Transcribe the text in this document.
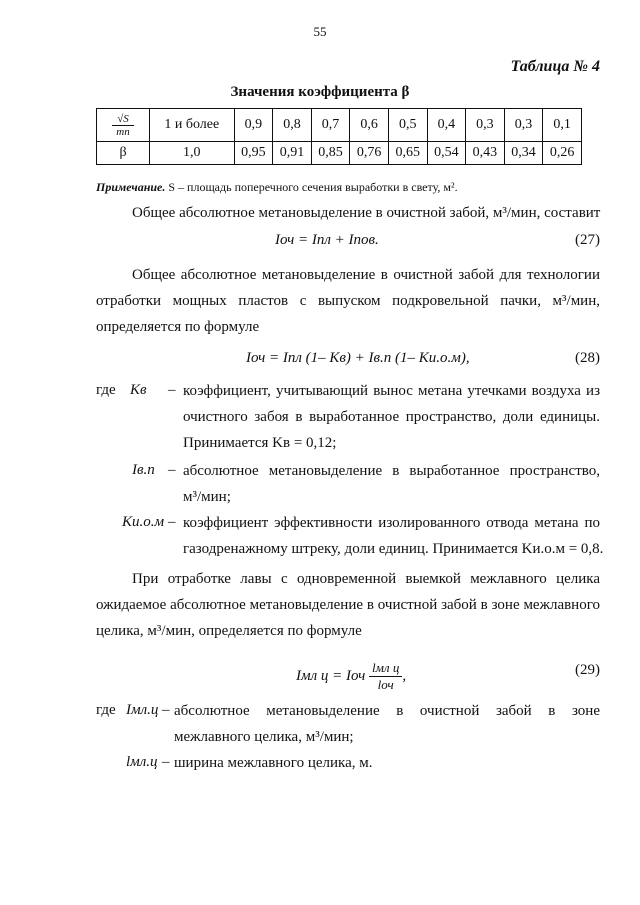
55
Таблица № 4
Значения коэффициента β
$\frac{√S}{mп}$	1 и более	0,9	0,8	0,7	0,6	0,5	0,4	0,3	0,3	0,1
β	1,0	0,95	0,91	0,85	0,76	0,65	0,54	0,43	0,34	0,26
Примечание. S – площадь поперечного сечения выработки в свету, м².
Общее абсолютное метановыделение в очистной забой, м³/мин, составит
Iоч = Iпл + Iпов.	(27)
Общее абсолютное метановыделение в очистной забой для технологии
отработки мощных пластов с выпуском подкровельной пачки, м³/мин,
определяется по формуле
Iоч = Iпл (1– Kв) + Iв.п (1– Kи.о.м),	(28)
где Kв – коэффициент, учитывающий вынос метана утечками воздуха из
очистного забоя в выработанное пространство, доли единицы.
Принимается Kв = 0,12;
Iв.п – абсолютное метановыделение в выработанное пространство,
м³/мин;
Kи.о.м – коэффициент эффективности изолированного отвода метана по
газодренажному штреку, доли единиц. Принимается Kи.о.м = 0,8.
При отработке лавы с одновременной выемкой межлавного целика
ожидаемое абсолютное метановыделение в очистной забой в зоне межлавного
целика, м³/мин, определяется по формуле
Iмл ц = Iоч
lмл ц
lоч
,	(29)
где Iмл.ц – абсолютное метановыделение в очистной забой в зоне
межлавного целика, м³/мин;
lмл.ц – ширина межлавного целика, м.
